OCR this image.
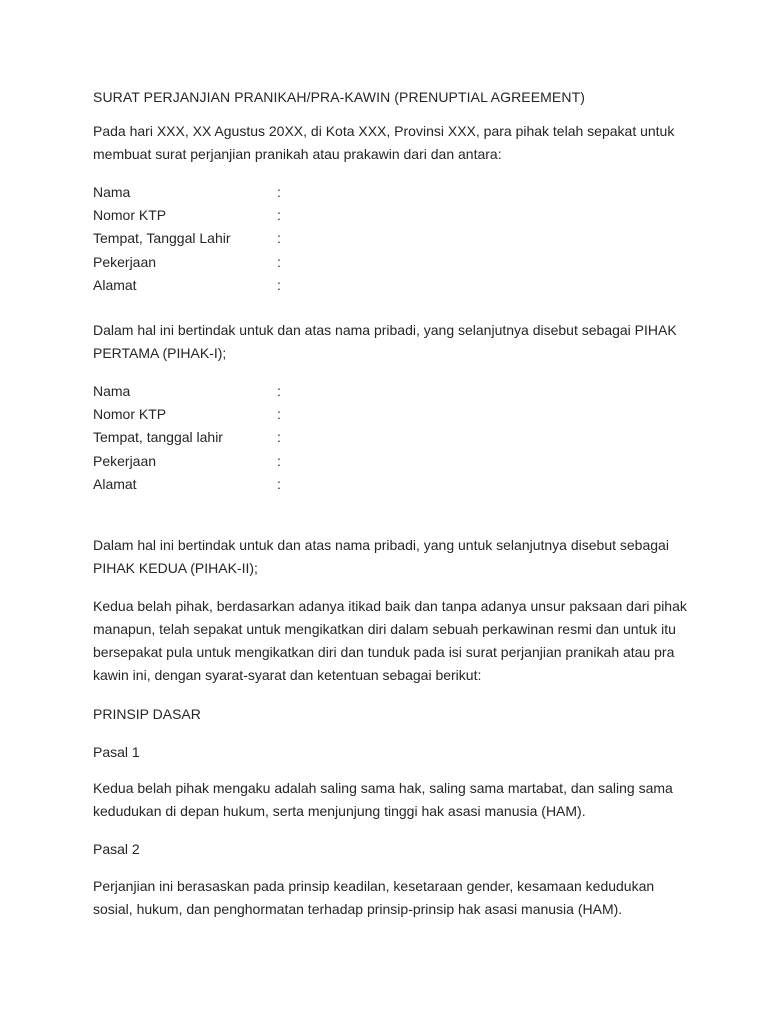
SURAT PERJANJIAN PRANIKAH/PRA-KAWIN (PRENUPTIAL AGREEMENT)

Pada hari XXX, XX Agustus 20XX, di Kota XXX, Provinsi XXX, para pihak telah sepakat untuk membuat surat perjanjian pranikah atau prakawin dari dan antara:

Nama	:
Nomor KTP	:
Tempat, Tanggal Lahir	:
Pekerjaan	:
Alamat	:

Dalam hal ini bertindak untuk dan atas nama pribadi, yang selanjutnya disebut sebagai PIHAK PERTAMA (PIHAK-I);

Nama	:
Nomor KTP	:
Tempat, tanggal lahir	:
Pekerjaan	:
Alamat	:

Dalam hal ini bertindak untuk dan atas nama pribadi, yang untuk selanjutnya disebut sebagai PIHAK KEDUA (PIHAK-II);

Kedua belah pihak, berdasarkan adanya itikad baik dan tanpa adanya unsur paksaan dari pihak manapun, telah sepakat untuk mengikatkan diri dalam sebuah perkawinan resmi dan untuk itu bersepakat pula untuk mengikatkan diri dan tunduk pada isi surat perjanjian pranikah atau pra kawin ini, dengan syarat-syarat dan ketentuan sebagai berikut:

PRINSIP DASAR

Pasal 1

Kedua belah pihak mengaku adalah saling sama hak, saling sama martabat, dan saling sama kedudukan di depan hukum, serta menjunjung tinggi hak asasi manusia (HAM).

Pasal 2

Perjanjian ini berasaskan pada prinsip keadilan, kesetaraan gender, kesamaan kedudukan sosial, hukum, dan penghormatan terhadap prinsip-prinsip hak asasi manusia (HAM).
